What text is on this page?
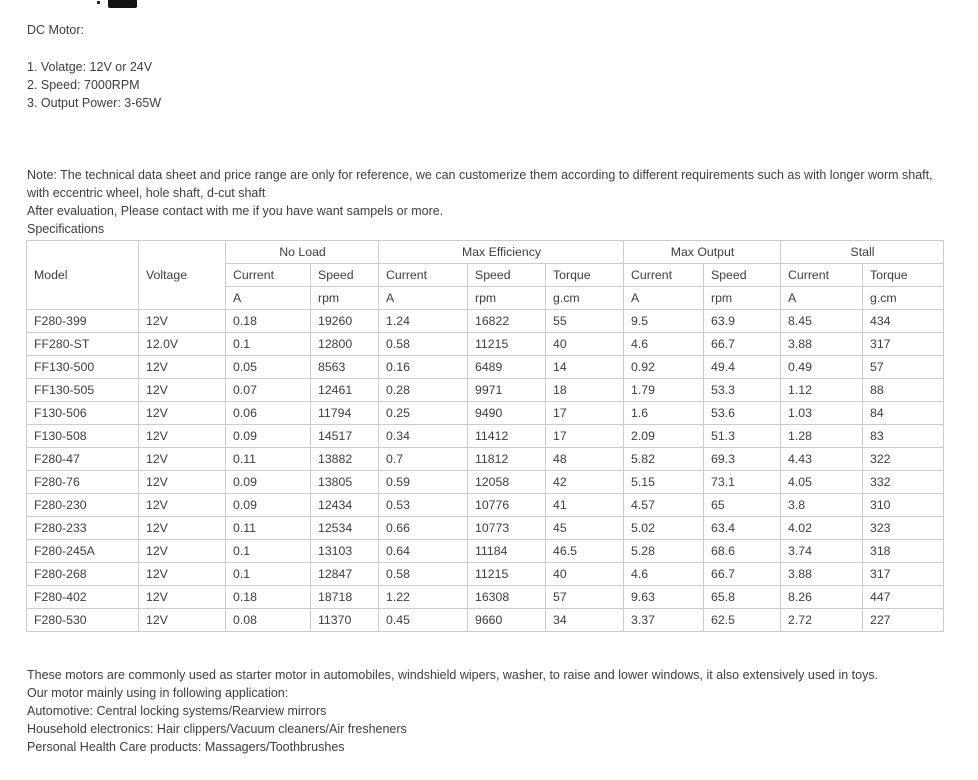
DC Motor:
1. Volatge: 12V or 24V
2. Speed: 7000RPM
3. Output Power: 3-65W
Note: The technical data sheet and price range are only for reference, we can customerize them according to different requirements such as with longer worm shaft, with eccentric wheel, hole shaft, d-cut shaft
After evaluation, Please contact with me if you have want sampels or more.
Specifications
Model	Voltage	No Load		Max Efficiency			Max Output		Stall	
		Current	Speed	Current	Speed	Torque	Current	Speed	Current	Torque
		A	rpm	A	rpm	g.cm	A	rpm	A	g.cm
F280-399	12V	0.18	19260	1.24	16822	55	9.5	63.9	8.45	434
FF280-ST	12.0V	0.1	12800	0.58	11215	40	4.6	66.7	3.88	317
FF130-500	12V	0.05	8563	0.16	6489	14	0.92	49.4	0.49	57
FF130-505	12V	0.07	12461	0.28	9971	18	1.79	53.3	1.12	88
F130-506	12V	0.06	11794	0.25	9490	17	1.6	53.6	1.03	84
F130-508	12V	0.09	14517	0.34	11412	17	2.09	51.3	1.28	83
F280-47	12V	0.11	13882	0.7	11812	48	5.82	69.3	4.43	322
F280-76	12V	0.09	13805	0.59	12058	42	5.15	73.1	4.05	332
F280-230	12V	0.09	12434	0.53	10776	41	4.57	65	3.8	310
F280-233	12V	0.11	12534	0.66	10773	45	5.02	63.4	4.02	323
F280-245A	12V	0.1	13103	0.64	11184	46.5	5.28	68.6	3.74	318
F280-268	12V	0.1	12847	0.58	11215	40	4.6	66.7	3.88	317
F280-402	12V	0.18	18718	1.22	16308	57	9.63	65.8	8.26	447
F280-530	12V	0.08	11370	0.45	9660	34	3.37	62.5	2.72	227
These motors are commonly used as starter motor in automobiles, windshield wipers, washer, to raise and lower windows, it also extensively used in toys.
Our motor mainly using in following application:
Automotive: Central locking systems/Rearview mirrors
Household electronics: Hair clippers/Vacuum cleaners/Air fresheners
Personal Health Care products: Massagers/Toothbrushes
